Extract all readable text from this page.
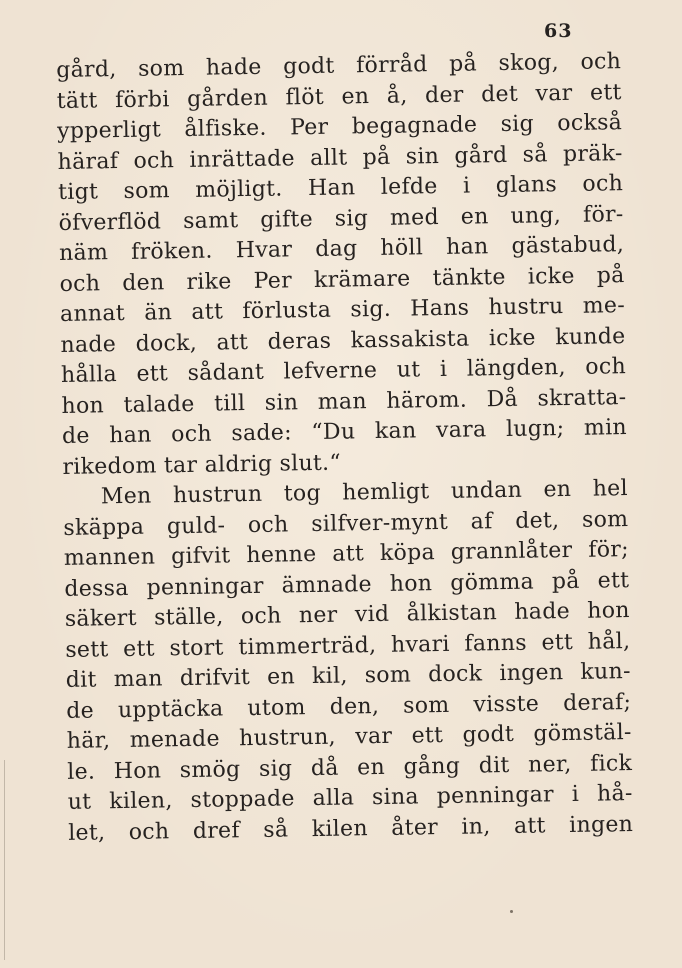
63
gård, som hade godt förråd på skog, och
tätt förbi gården flöt en å, der det var ett
ypperligt ålfiske. Per begagnade sig också
häraf och inrättade allt på sin gård så präk-
tigt som möjligt. Han lefde i glans och
öfverflöd samt gifte sig med en ung, för-
näm fröken. Hvar dag höll han gästabud,
och den rike Per krämare tänkte icke på
annat än att förlusta sig. Hans hustru me-
nade dock, att deras kassakista icke kunde
hålla ett sådant lefverne ut i längden, och
hon talade till sin man härom. Då skratta-
de han och sade: “Du kan vara lugn; min
rikedom tar aldrig slut.“
Men hustrun tog hemligt undan en hel
skäppa guld- och silfver-mynt af det, som
mannen gifvit henne att köpa grannlåter för;
dessa penningar ämnade hon gömma på ett
säkert ställe, och ner vid ålkistan hade hon
sett ett stort timmerträd, hvari fanns ett hål,
dit man drifvit en kil, som dock ingen kun-
de upptäcka utom den, som visste deraf;
här, menade hustrun, var ett godt gömstäl-
le. Hon smög sig då en gång dit ner, fick
ut kilen, stoppade alla sina penningar i hå-
let, och dref så kilen åter in, att ingen
